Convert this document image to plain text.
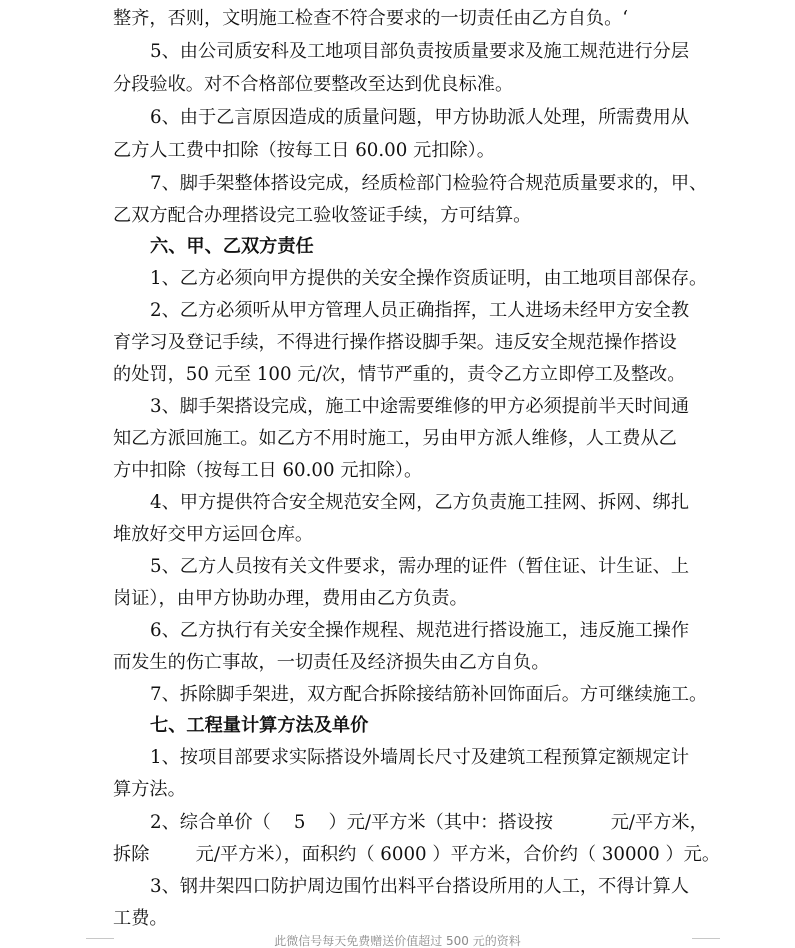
整齐，否则，文明施工检查不符合要求的一切责任由乙方自负。‘
5、由公司质安科及工地项目部负责按质量要求及施工规范进行分层
分段验收。对不合格部位要整改至达到优良标准。
6、由于乙言原因造成的质量问题，甲方协助派人处理，所需费用从
乙方人工费中扣除（按每工日 60.00 元扣除）。
7、脚手架整体搭设完成，经质检部门检验符合规范质量要求的，甲、
乙双方配合办理搭设完工验收签证手续，方可结算。
六、甲、乙双方责任
1、乙方必须向甲方提供的关安全操作资质证明，由工地项目部保存。
2、乙方必须听从甲方管理人员正确指挥，工人进场未经甲方安全教
育学习及登记手续，不得进行操作搭设脚手架。违反安全规范操作搭设
的处罚，50 元至 100 元/次，情节严重的，责令乙方立即停工及整改。
3、脚手架搭设完成，施工中途需要维修的甲方必须提前半天时间通
知乙方派回施工。如乙方不用时施工，另由甲方派人维修，人工费从乙
方中扣除（按每工日 60.00 元扣除）。
4、甲方提供符合安全规范安全网，乙方负责施工挂网、拆网、绑扎
堆放好交甲方运回仓库。
5、乙方人员按有关文件要求，需办理的证件（暂住证、计生证、上
岗证），由甲方协助办理，费用由乙方负责。
6、乙方执行有关安全操作规程、规范进行搭设施工，违反施工操作
而发生的伤亡事故，一切责任及经济损失由乙方自负。
7、拆除脚手架进，双方配合拆除接结筋补回饰面后。方可继续施工。
七、工程量计算方法及单价
1、按项目部要求实际搭设外墙周长尺寸及建筑工程预算定额规定计
算方法。
2、综合单价（    5    ）元/平方米（其中：搭设按          元/平方米，
拆除        元/平方米），面积约（ 6000 ）平方米，合价约（ 30000 ）元。
3、钢井架四口防护周边围竹出料平台搭设所用的人工，不得计算人
工费。
此微信号每天免费赠送价值超过 500 元的资料
